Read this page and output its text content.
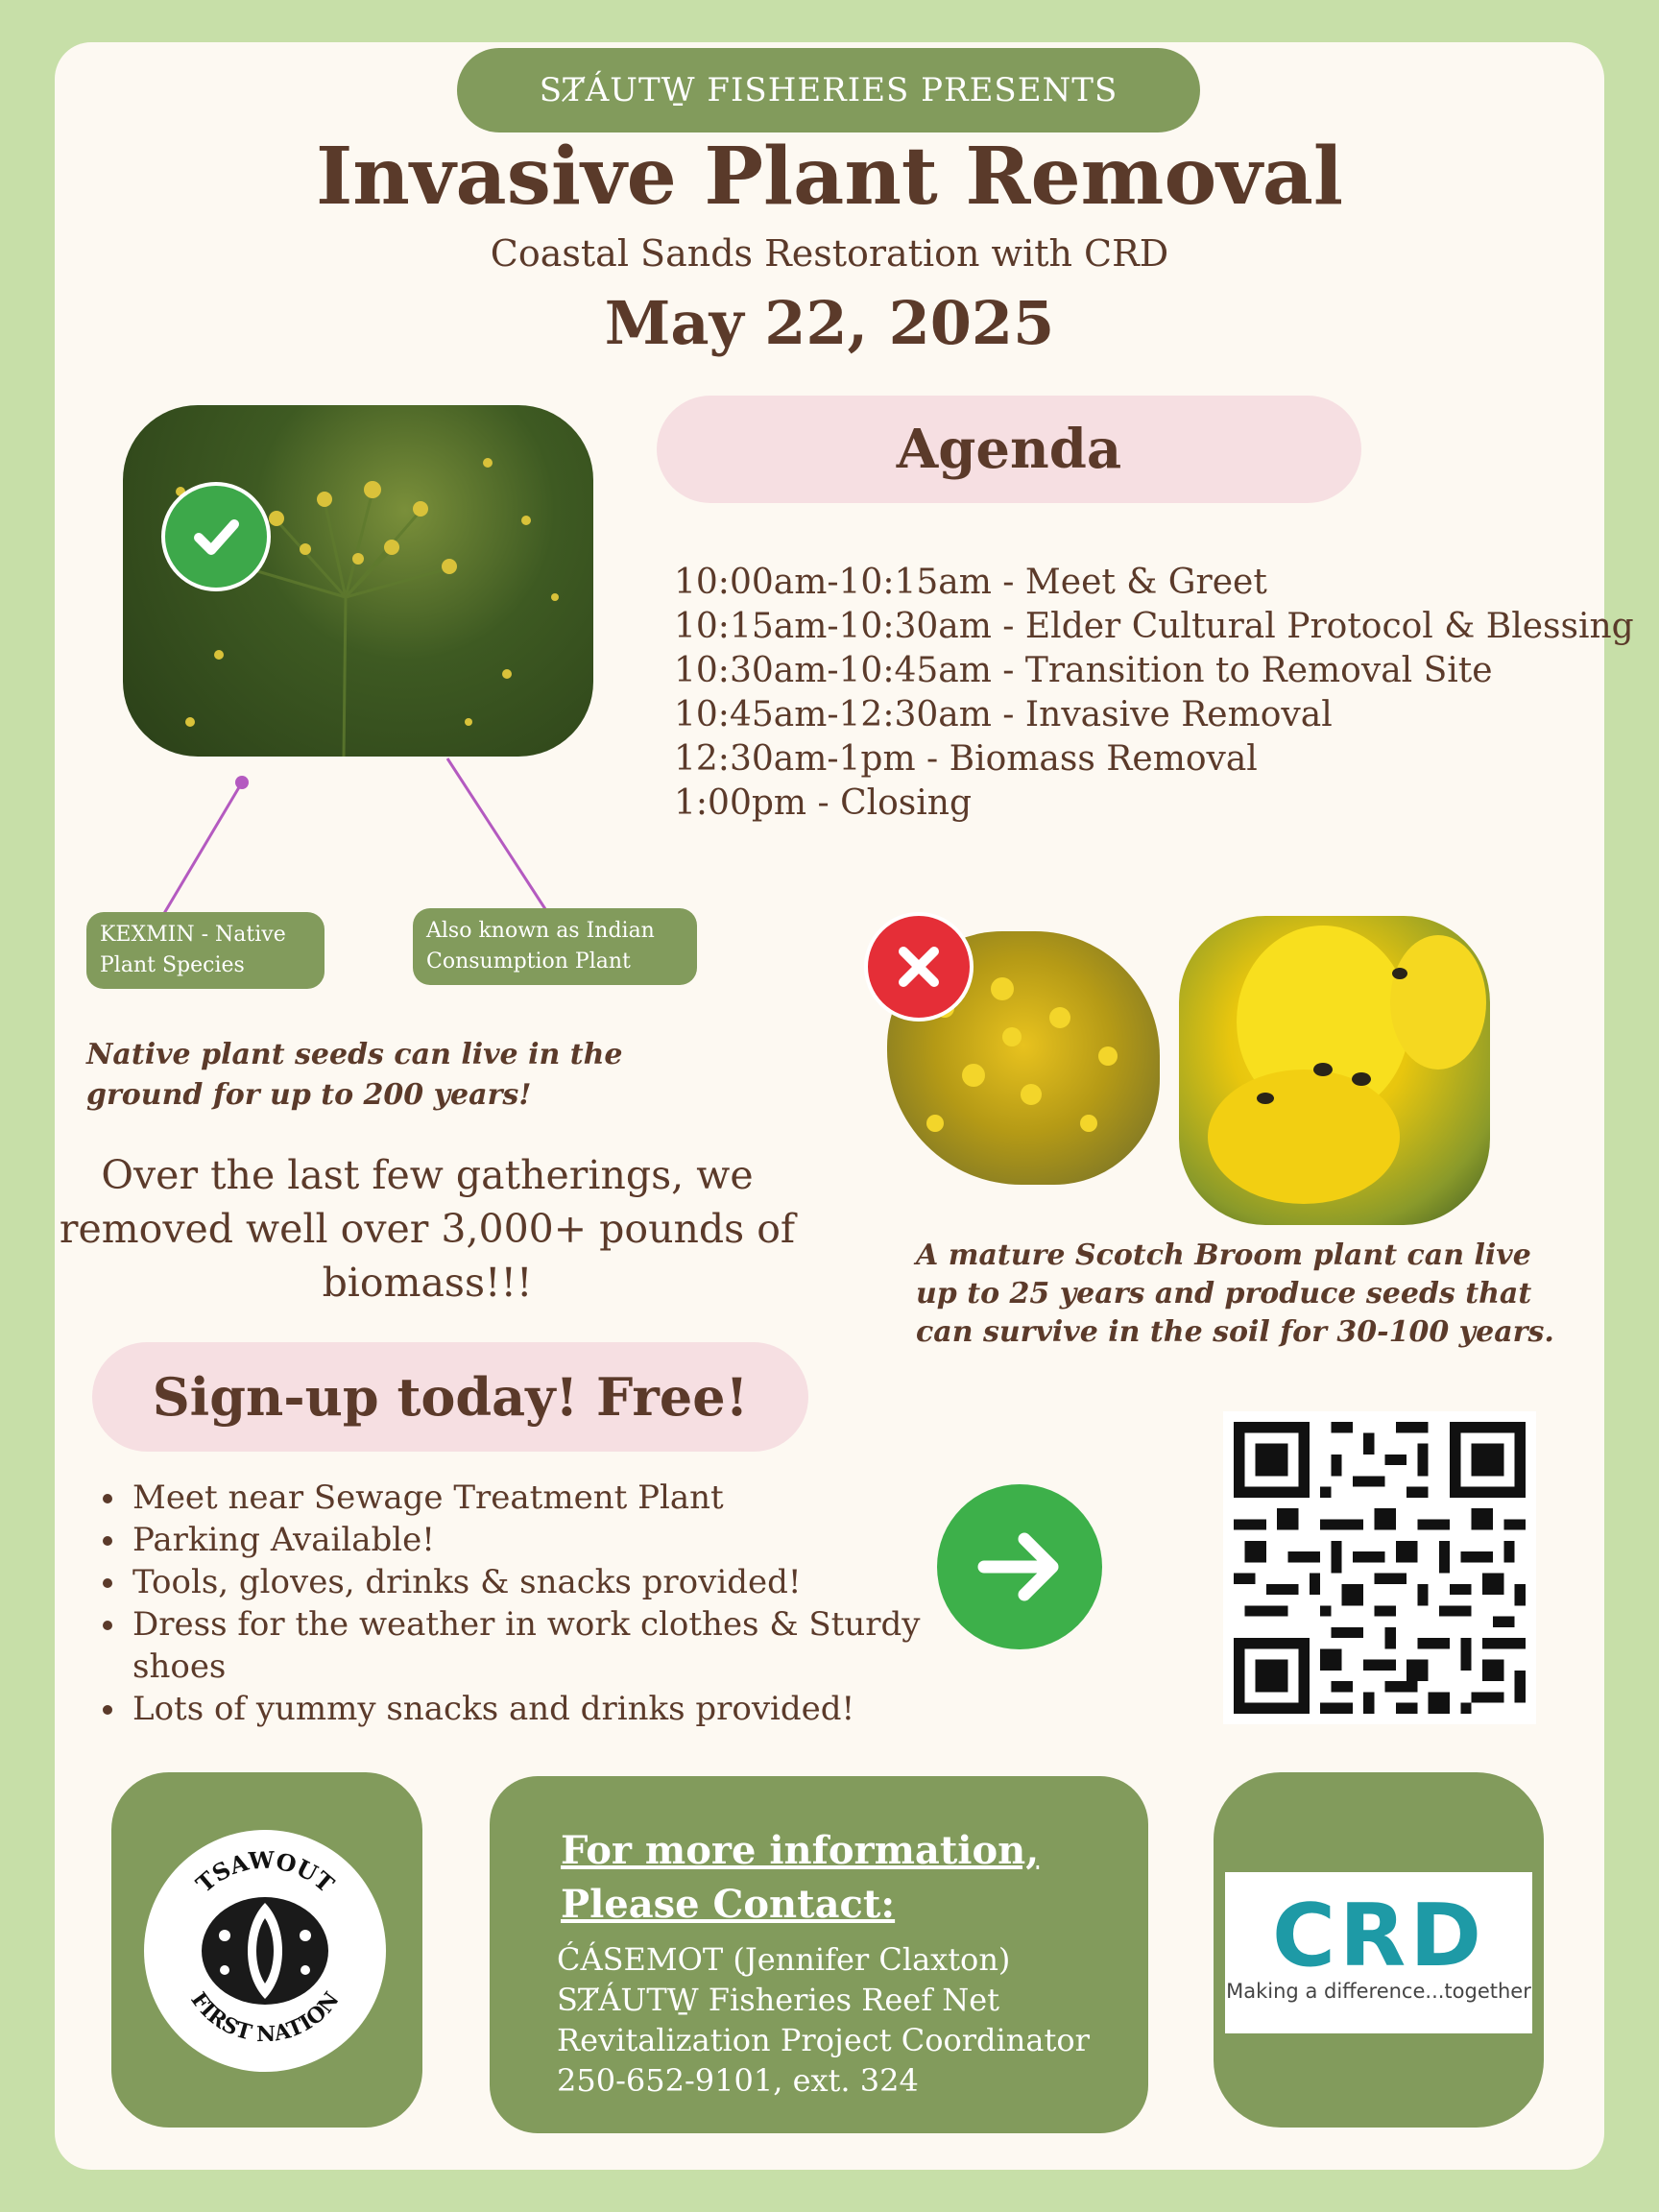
SȾÁUTW̱ FISHERIES PRESENTS
Invasive Plant Removal
Coastal Sands Restoration with CRD
May 22, 2025
KEXMIN - Native Plant Species
Also known as Indian Consumption Plant
Native plant seeds can live in the ground for up to 200 years!
Over the last few gatherings, we removed well over 3,000+ pounds of biomass!!!
Agenda
10:00am-10:15am - Meet & Greet
10:15am-10:30am - Elder Cultural Protocol & Blessing
10:30am-10:45am - Transition to Removal Site
10:45am-12:30am - Invasive Removal
12:30am-1pm - Biomass Removal
1:00pm - Closing
A mature Scotch Broom plant can live up to 25 years and produce seeds that can survive in the soil for 30-100 years.
Sign-up today! Free!
• Meet near Sewage Treatment Plant
• Parking Available!
• Tools, gloves, drinks & snacks provided!
• Dress for the weather in work clothes & Sturdy shoes
• Lots of yummy snacks and drinks provided!
TSAWOUT
FIRST NATION
For more information,
Please Contact:
ĆÁSEMOT (Jennifer Claxton)
SȾÁUTW̱ Fisheries Reef Net
Revitalization Project Coordinator
250-652-9101, ext. 324
CRD
Making a difference...together
